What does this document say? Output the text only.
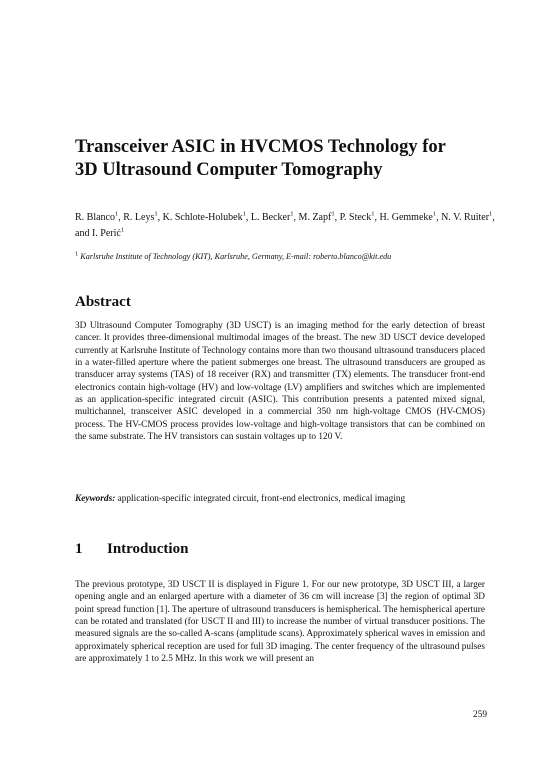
Transceiver ASIC in HVCMOS Technology for
3D Ultrasound Computer Tomography

R. Blanco$^1$, R. Leys$^1$, K. Schlote-Holubek$^1$, L. Becker$^1$, M. Zapf$^1$, P. Steck$^1$, H. Gemmeke$^1$, N. V. Ruiter$^1$, and I. Perić$^1$

$^1$ Karlsruhe Institute of Technology (KIT), Karlsruhe, Germany, E-mail: roberto.blanco@kit.edu

Abstract

3D Ultrasound Computer Tomography (3D USCT) is an imaging method for the early detection of breast cancer. It provides three-dimensional multimodal images of the breast. The new 3D USCT device developed currently at Karlsruhe Institute of Technology contains more than two thousand ultrasound transducers placed in a water-filled aperture where the patient submerges one breast. The ultrasound transducers are grouped as transducer array systems (TAS) of 18 receiver (RX) and transmitter (TX) elements. The transducer front-end electronics contain high-voltage (HV) and low-voltage (LV) amplifiers and switches which are implemented as an application-specific integrated circuit (ASIC). This contribution presents a patented mixed signal, multichannel, transceiver ASIC developed in a commercial 350 nm high-voltage CMOS (HV-CMOS) process. The HV-CMOS process provides low-voltage and high-voltage transistors that can be combined on the same substrate. The HV transistors can sustain voltages up to 120 V.

Keywords: application-specific integrated circuit, front-end electronics, medical imaging

1 Introduction

The previous prototype, 3D USCT II is displayed in Figure 1. For our new prototype, 3D USCT III, a larger opening angle and an enlarged aperture with a diameter of 36 cm will increase [3] the region of optimal 3D point spread function [1]. The aperture of ultrasound transducers is hemispherical. The hemispherical aperture can be rotated and translated (for USCT II and III) to increase the number of virtual transducer positions. The measured signals are the so-called A-scans (amplitude scans). Approximately spherical waves in emission and approximately spherical reception are used for full 3D imaging. The center frequency of the ultrasound pulses are approximately 1 to 2.5 MHz. In this work we will present an

259
